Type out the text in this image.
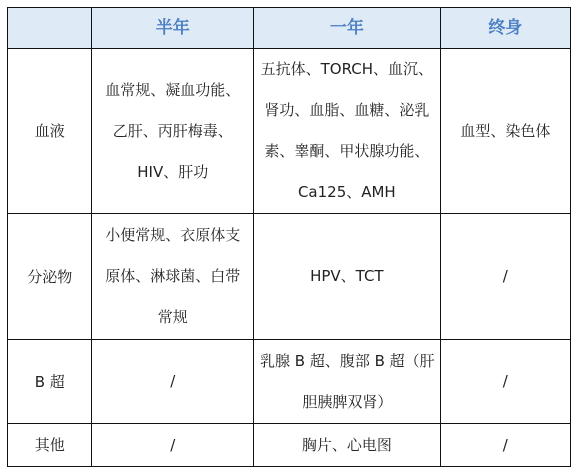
	半年	一年	终身
血液	血常规、凝血功能、
乙肝、丙肝梅毒、
HIV、肝功	五抗体、TORCH、血沉、
肾功、血脂、血糖、泌乳
素、睾酮、甲状腺功能、
Ca125、AMH	血型、染色体

分泌物	小便常规、衣原体支
原体、淋球菌、白带
常规	HPV、TCT	/

B 超	/	乳腺 B 超、腹部 B 超（肝
胆胰脾双肾）	/

其他	/	胸片、心电图	/
